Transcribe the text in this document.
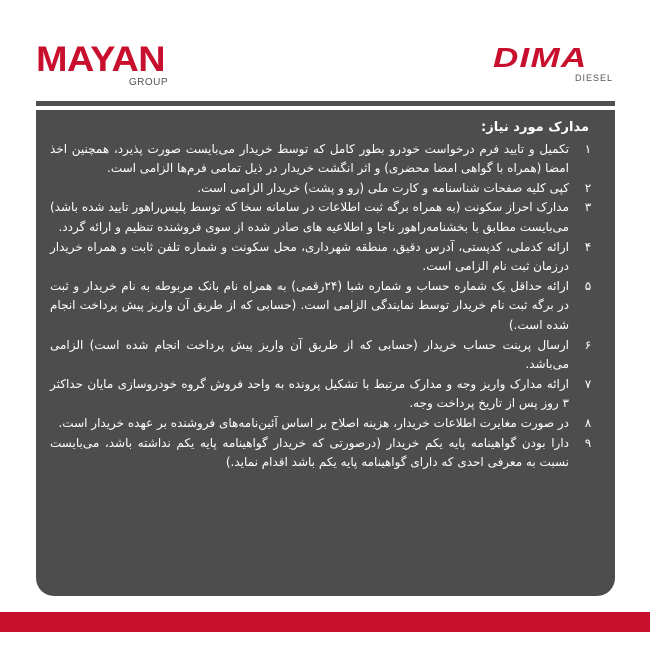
MAYAN
GROUP
DIMA
DIESEL
مدارک مورد نیاز:
۱
تکمیل و تایید فرم درخواست خودرو بطور کامل که توسط خریدار می‌بایست صورت پذیرد، همچنین اخذ امضا (همراه با گواهی امضا محضری) و اثر انگشت خریدار در ذیل تمامی فرم‌ها الزامی است.
۲
کپی کلیه صفحات شناسنامه و کارت ملی (رو و پشت) خریدار الزامی است.
۳
مدارک احراز سکونت (به همراه برگه ثبت اطلاعات در سامانه سخا که توسط پلیس‌راهور تایید شده باشد) می‌بایست مطابق با بخشنامه‌راهور ناجا و اطلاعیه های صادر شده از سوی فروشنده تنظیم و ارائه گردد.
۴
ارائه کدملی، کدپستی، آدرس دقیق، منطقه شهرداری، محل سکونت و شماره تلفن ثابت و همراه خریدار درزمان ثبت نام الزامی است.
۵
ارائه حداقل یک شماره حساب و شماره شبا (۲۴رقمی) به همراه نام بانک مربوطه به نام خریدار و ثبت در برگه ثبت نام خریدار توسط نمایندگی الزامی است. (حسابی که از طریق آن واریز پیش پرداخت انجام شده است.)
۶
ارسال پرینت حساب خریدار (حسابی که از طریق آن واریز پیش پرداخت انجام شده است) الزامی می‌باشد.
۷
ارائه مدارک واریز وجه و مدارک مرتبط با تشکیل پرونده به واحد فروش گروه خودروسازی مایان حداکثر ۳ روز پس از تاریخ پرداخت وجه.
۸
در صورت مغایرت اطلاعات خریدار، هزینه اصلاح بر اساس آئین‌نامه‌های فروشنده بر عهده خریدار است.
۹
دارا بودن گواهینامه پایه یکم خریدار (درصورتی که خریدار گواهینامه پایه یکم نداشته باشد، می‌بایست نسبت به معرفی احدی که دارای گواهینامه پایه یکم باشد اقدام نماید.)
